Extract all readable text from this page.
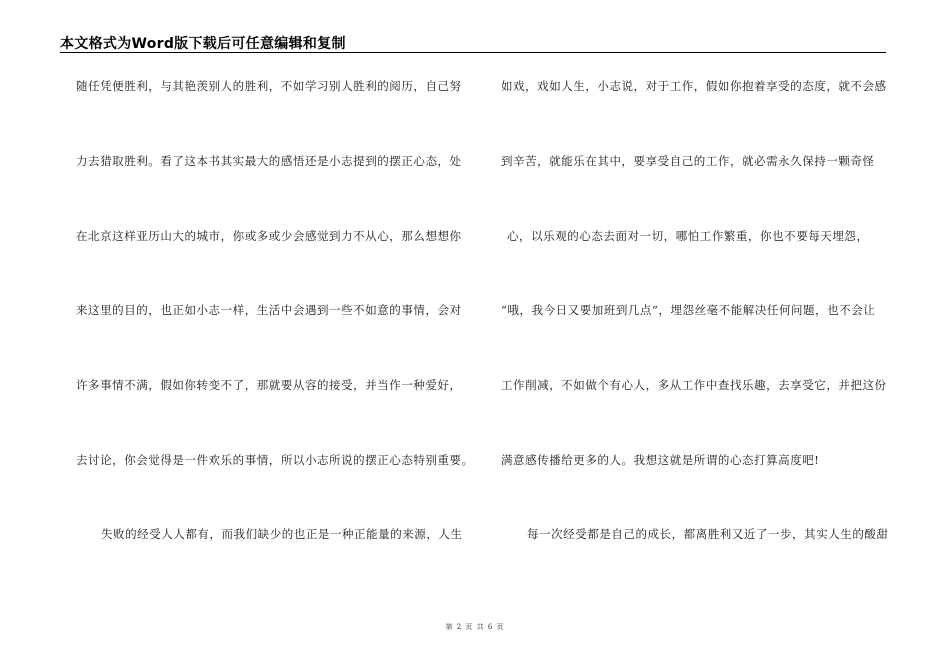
本文格式为Word版下载后可任意编辑和复制
随任凭便胜利，与其艳羡别人的胜利，不如学习别人胜利的阅历，自己努
力去猎取胜利。看了这本书其实最大的感悟还是小志提到的摆正心态，处
在北京这样亚历山大的城市，你或多或少会感觉到力不从心，那么想想你
来这里的目的，也正如小志一样，生活中会遇到一些不如意的事情，会对
许多事情不满，假如你转变不了，那就要从容的接受，并当作一种爱好，
去讨论，你会觉得是一件欢乐的事情，所以小志所说的摆正心态特别重要。
失败的经受人人都有，而我们缺少的也正是一种正能量的来源，人生
如戏，戏如人生，小志说，对于工作，假如你抱着享受的态度，就不会感
到辛苦，就能乐在其中，要享受自己的工作，就必需永久保持一颗奇怪
心，以乐观的心态去面对一切，哪怕工作繁重，你也不要每天埋怨，
“哦，我今日又要加班到几点”，埋怨丝毫不能解决任何问题，也不会让
工作削减，不如做个有心人，多从工作中查找乐趣，去享受它，并把这份
满意感传播给更多的人。我想这就是所谓的心态打算高度吧!
每一次经受都是自己的成长，都离胜利又近了一步，其实人生的酸甜
第 2 页 共 6 页
